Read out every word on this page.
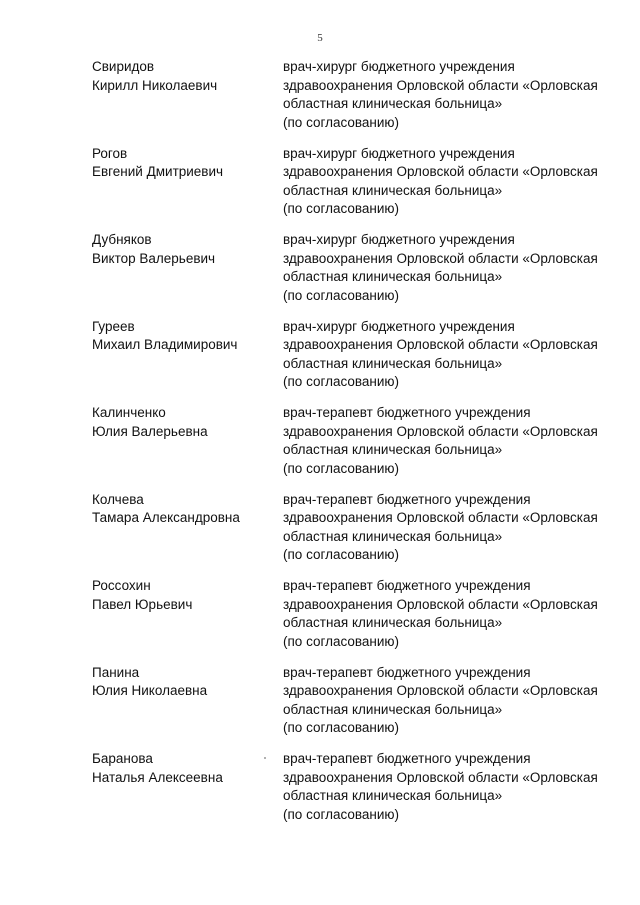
5
Свиридов
Кирилл Николаевич
врач-хирург бюджетного учреждения
здравоохранения Орловской области «Орловская
областная клиническая больница»
(по согласованию)
Рогов
Евгений Дмитриевич
врач-хирург бюджетного учреждения
здравоохранения Орловской области «Орловская
областная клиническая больница»
(по согласованию)
Дубняков
Виктор Валерьевич
врач-хирург бюджетного учреждения
здравоохранения Орловской области «Орловская
областная клиническая больница»
(по согласованию)
Гуреев
Михаил Владимирович
врач-хирург бюджетного учреждения
здравоохранения Орловской области «Орловская
областная клиническая больница»
(по согласованию)
Калинченко
Юлия Валерьевна
врач-терапевт бюджетного учреждения
здравоохранения Орловской области «Орловская
областная клиническая больница»
(по согласованию)
Колчева
Тамара Александровна
врач-терапевт бюджетного учреждения
здравоохранения Орловской области «Орловская
областная клиническая больница»
(по согласованию)
Россохин
Павел Юрьевич
врач-терапевт бюджетного учреждения
здравоохранения Орловской области «Орловская
областная клиническая больница»
(по согласованию)
Панина
Юлия Николаевна
врач-терапевт бюджетного учреждения
здравоохранения Орловской области «Орловская
областная клиническая больница»
(по согласованию)
Баранова
Наталья Алексеевна
врач-терапевт бюджетного учреждения
здравоохранения Орловской области «Орловская
областная клиническая больница»
(по согласованию)
